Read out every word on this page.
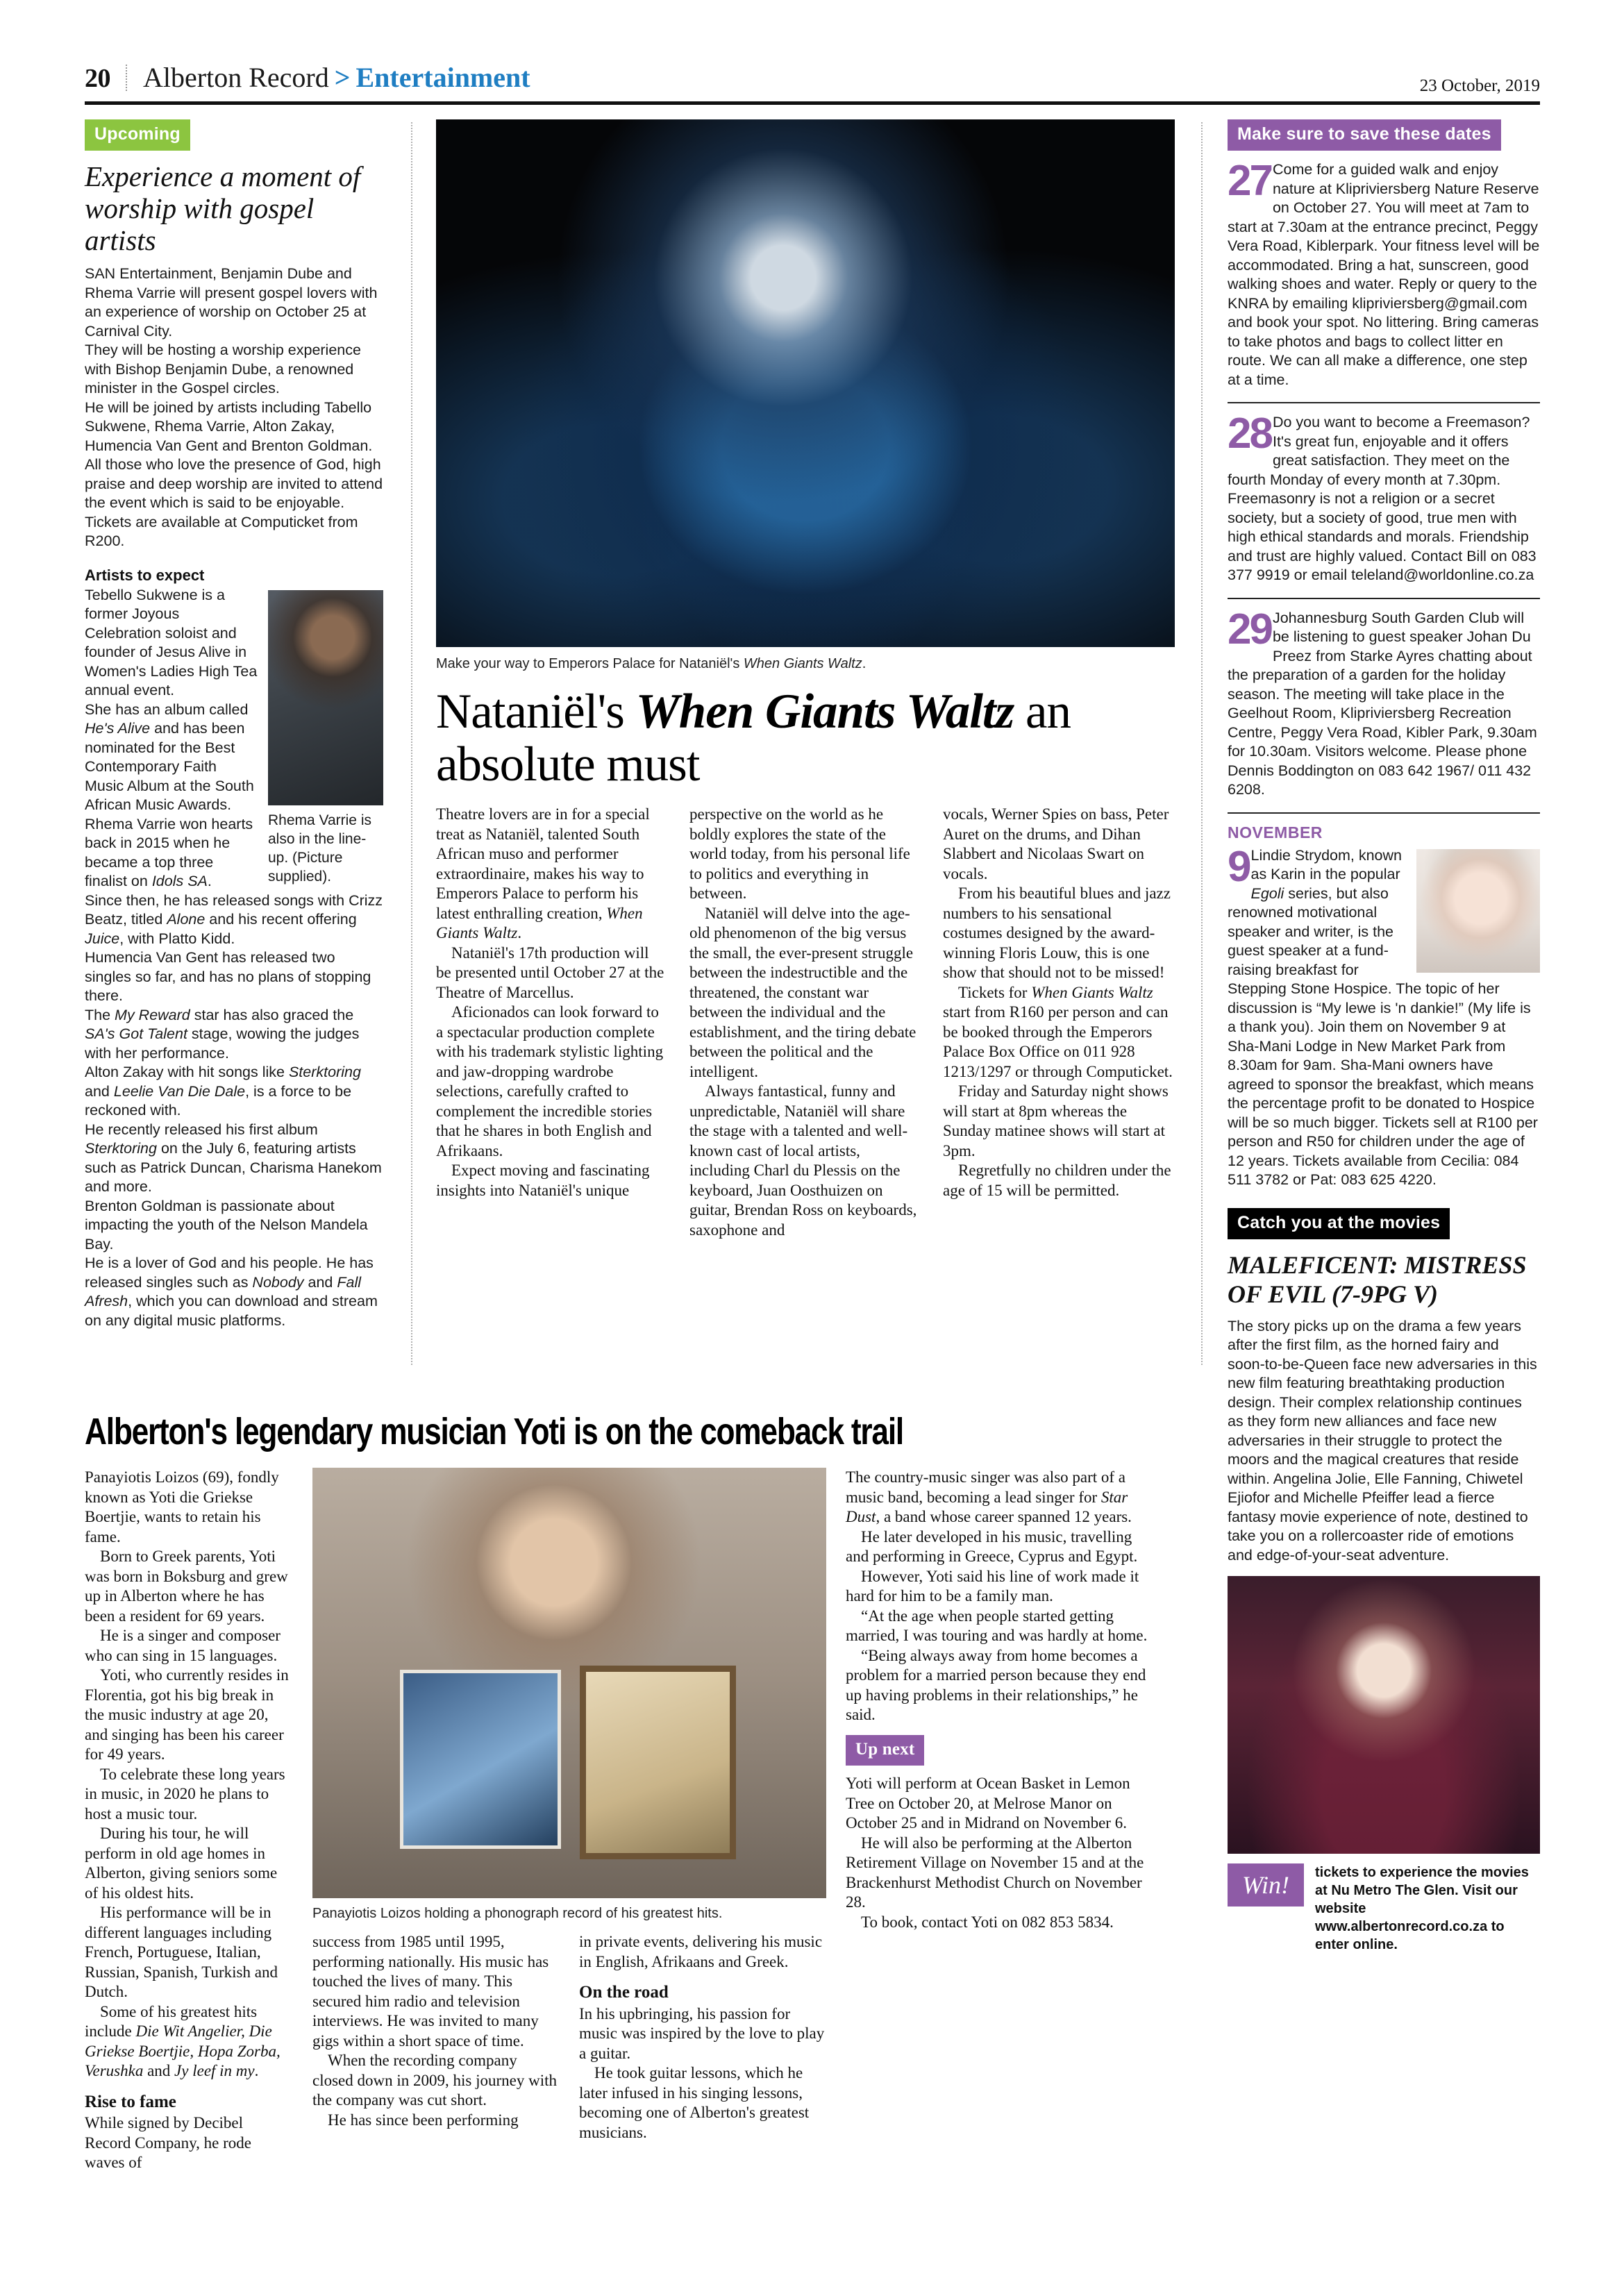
20 Alberton Record > Entertainment	23 October, 2019
Upcoming
Experience a moment of worship with gospel artists

SAN Entertainment, Benjamin Dube and Rhema Varrie will present gospel lovers with an experience of worship on October 25 at Carnival City.

They will be hosting a worship experience with Bishop Benjamin Dube, a renowned minister in the Gospel circles.

He will be joined by artists including Tabello Sukwene, Rhema Varrie, Alton Zakay, Humencia Van Gent and Brenton Goldman.

All those who love the presence of God, high praise and deep worship are invited to attend the event which is said to be enjoyable.

Tickets are available at Computicket from R200.

Artists to expect
Rhema Varrie is also in the line-up. (Picture supplied).

Tebello Sukwene is a former Joyous Celebration soloist and founder of Jesus Alive in Women's Ladies High Tea annual event.

She has an album called He's Alive and has been nominated for the Best Contemporary Faith Music Album at the South African Music Awards.

Rhema Varrie won hearts back in 2015 when he became a top three finalist on Idols SA.

Since then, he has released songs with Crizz Beatz, titled Alone and his recent offering Juice, with Platto Kidd.

Humencia Van Gent has released two singles so far, and has no plans of stopping there.

The My Reward star has also graced the SA's Got Talent stage, wowing the judges with her performance.

Alton Zakay with hit songs like Sterktoring and Leelie Van Die Dale, is a force to be reckoned with.

He recently released his first album Sterktoring on the July 6, featuring artists such as Patrick Duncan, Charisma Hanekom and more.

Brenton Goldman is passionate about impacting the youth of the Nelson Mandela Bay.

He is a lover of God and his people. He has released singles such as Nobody and Fall Afresh, which you can download and stream on any digital music platforms.

Make your way to Emperors Palace for Nataniël's When Giants Waltz.
Nataniël's When Giants Waltz an absolute must

Theatre lovers are in for a special treat as Nataniël, talented South African muso and performer extraordinaire, makes his way to Emperors Palace to perform his latest enthralling creation, When Giants Waltz.

Nataniël's 17th production will be presented until October 27 at the Theatre of Marcellus.

Aficionados can look forward to a spectacular production complete with his trademark stylistic lighting and jaw-dropping wardrobe selections, carefully crafted to complement the incredible stories that he shares in both English and Afrikaans.

Expect moving and fascinating insights into Nataniël's unique

perspective on the world as he boldly explores the state of the world today, from his personal life to politics and everything in between.

Nataniël will delve into the age-old phenomenon of the big versus the small, the ever-present struggle between the indestructible and the threatened, the constant war between the individual and the establishment, and the tiring debate between the political and the intelligent.

Always fantastical, funny and unpredictable, Nataniël will share the stage with a talented and well-known cast of local artists, including Charl du Plessis on the keyboard, Juan Oosthuizen on guitar, Brendan Ross on keyboards, saxophone and

vocals, Werner Spies on bass, Peter Auret on the drums, and Dihan Slabbert and Nicolaas Swart on vocals.

From his beautiful blues and jazz numbers to his sensational costumes designed by the award-winning Floris Louw, this is one show that should not to be missed!

Tickets for When Giants Waltz start from R160 per person and can be booked through the Emperors Palace Box Office on 011 928 1213/1297 or through Computicket.

Friday and Saturday night shows will start at 8pm whereas the Sunday matinee shows will start at 3pm.

Regretfully no children under the age of 15 will be permitted.

Make sure to save these dates
27 Come for a guided walk and enjoy nature at Klipriviersberg Nature Reserve on October 27. You will meet at 7am to start at 7.30am at the entrance precinct, Peggy Vera Road, Kiblerpark. Your fitness level will be accommodated. Bring a hat, sunscreen, good walking shoes and water. Reply or query to the KNRA by emailing klipriviersberg@gmail.com and book your spot. No littering. Bring cameras to take photos and bags to collect litter en route. We can all make a difference, one step at a time.
28 Do you want to become a Freemason? It's great fun, enjoyable and it offers great satisfaction. They meet on the fourth Monday of every month at 7.30pm. Freemasonry is not a religion or a secret society, but a society of good, true men with high ethical standards and morals. Friendship and trust are highly valued. Contact Bill on 083 377 9919 or email teleland@worldonline.co.za
29 Johannesburg South Garden Club will be listening to guest speaker Johan Du Preez from Starke Ayres chatting about the preparation of a garden for the holiday season. The meeting will take place in the Geelhout Room, Klipriviersberg Recreation Centre, Peggy Vera Road, Kibler Park, 9.30am for 10.30am. Visitors welcome. Please phone Dennis Boddington on 083 642 1967/ 011 432 6208.
NOVEMBER
9 Lindie Strydom, known as Karin in the popular Egoli series, but also renowned motivational speaker and writer, is the guest speaker at a fund-raising breakfast for Stepping Stone Hospice. The topic of her discussion is “My lewe is 'n dankie!” (My life is a thank you). Join them on November 9 at Sha-Mani Lodge in New Market Park from 8.30am for 9am. Sha-Mani owners have agreed to sponsor the breakfast, which means the percentage profit to be donated to Hospice will be so much bigger. Tickets sell at R100 per person and R50 for children under the age of 12 years. Tickets available from Cecilia: 084 511 3782 or Pat: 083 625 4220.
Catch you at the movies
MALEFICENT: MISTRESS OF EVIL (7-9PG V)
The story picks up on the drama a few years after the first film, as the horned fairy and soon-to-be-Queen face new adversaries in this new film featuring breathtaking production design. Their complex relationship continues as they form new alliances and face new adversaries in their struggle to protect the moors and the magical creatures that reside within. Angelina Jolie, Elle Fanning, Chiwetel Ejiofor and Michelle Pfeiffer lead a fierce fantasy movie experience of note, destined to take you on a rollercoaster ride of emotions and edge-of-your-seat adventure.
Win!	tickets to experience the movies at Nu Metro The Glen. Visit our website www.albertonrecord.co.za to enter online.
Alberton's legendary musician Yoti is on the comeback trail

Panayiotis Loizos (69), fondly known as Yoti die Griekse Boertjie, wants to retain his fame.

Born to Greek parents, Yoti was born in Boksburg and grew up in Alberton where he has been a resident for 69 years.

He is a singer and composer who can sing in 15 languages.

Yoti, who currently resides in Florentia, got his big break in the music industry at age 20, and singing has been his career for 49 years.

To celebrate these long years in music, in 2020 he plans to host a music tour.

During his tour, he will perform in old age homes in Alberton, giving seniors some of his oldest hits.

His performance will be in different languages including French, Portuguese, Italian, Russian, Spanish, Turkish and Dutch.

Some of his greatest hits include Die Wit Angelier, Die Griekse Boertjie, Hopa Zorba, Verushka and Jy leef in my.

Rise to fame

While signed by Decibel Record Company, he rode waves of

Panayiotis Loizos holding a phonograph record of his greatest hits.

success from 1985 until 1995, performing nationally. His music has touched the lives of many. This secured him radio and television interviews. He was invited to many gigs within a short space of time.

When the recording company closed down in 2009, his journey with the company was cut short.

He has since been performing

in private events, delivering his music in English, Afrikaans and Greek.

On the road

In his upbringing, his passion for music was inspired by the love to play a guitar.

He took guitar lessons, which he later infused in his singing lessons, becoming one of Alberton's greatest musicians.

The country-music singer was also part of a music band, becoming a lead singer for Star Dust, a band whose career spanned 12 years.

He later developed in his music, travelling and performing in Greece, Cyprus and Egypt.

However, Yoti said his line of work made it hard for him to be a family man.

“At the age when people started getting married, I was touring and was hardly at home.

“Being always away from home becomes a problem for a married person because they end up having problems in their relationships,” he said.

Up next

Yoti will perform at Ocean Basket in Lemon Tree on October 20, at Melrose Manor on October 25 and in Midrand on November 6.

He will also be performing at the Alberton Retirement Village on November 15 and at the Brackenhurst Methodist Church on November 28.

To book, contact Yoti on 082 853 5834.
